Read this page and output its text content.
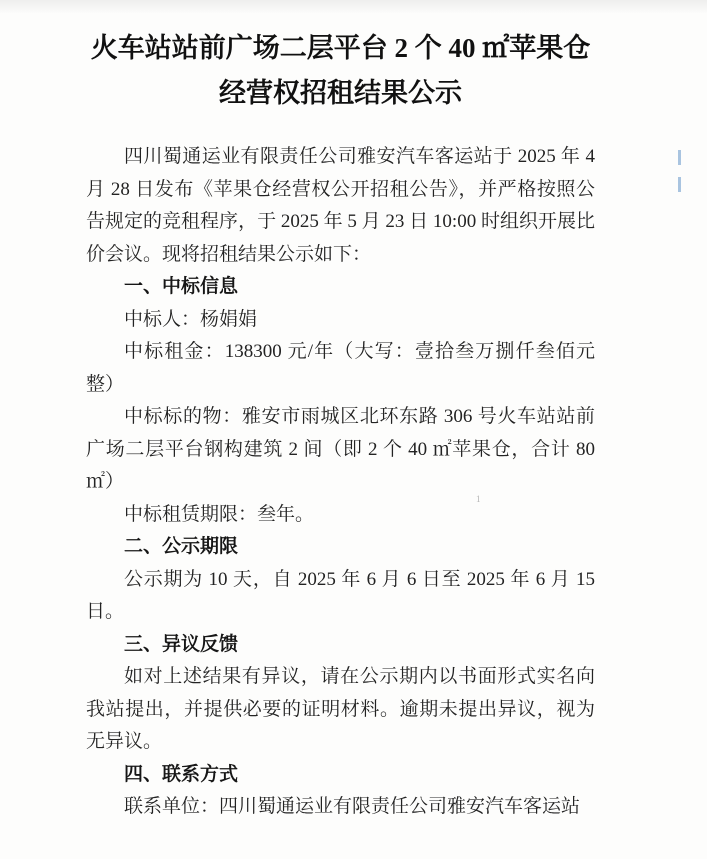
火车站站前广场二层平台 2 个 40 ㎡苹果仓
经营权招租结果公示

四川蜀通运业有限责任公司雅安汽车客运站于 2025 年 4 月 28 日发布《苹果仓经营权公开招租公告》，并严格按照公告规定的竞租程序，于 2025 年 5 月 23 日 10:00 时组织开展比价会议。现将招租结果公示如下：

一、中标信息

中标人：杨娟娟

中标租金：138300 元/年（大写：壹拾叁万捌仟叁佰元整）

中标标的物：雅安市雨城区北环东路 306 号火车站站前广场二层平台钢构建筑 2 间（即 2 个 40 ㎡苹果仓，合计 80 ㎡）

中标租赁期限：叁年。

二、公示期限

公示期为 10 天，自 2025 年 6 月 6 日至 2025 年 6 月 15 日。

三、异议反馈

如对上述结果有异议，请在公示期内以书面形式实名向我站提出，并提供必要的证明材料。逾期未提出异议，视为无异议。

四、联系方式

联系单位：四川蜀通运业有限责任公司雅安汽车客运站

1
